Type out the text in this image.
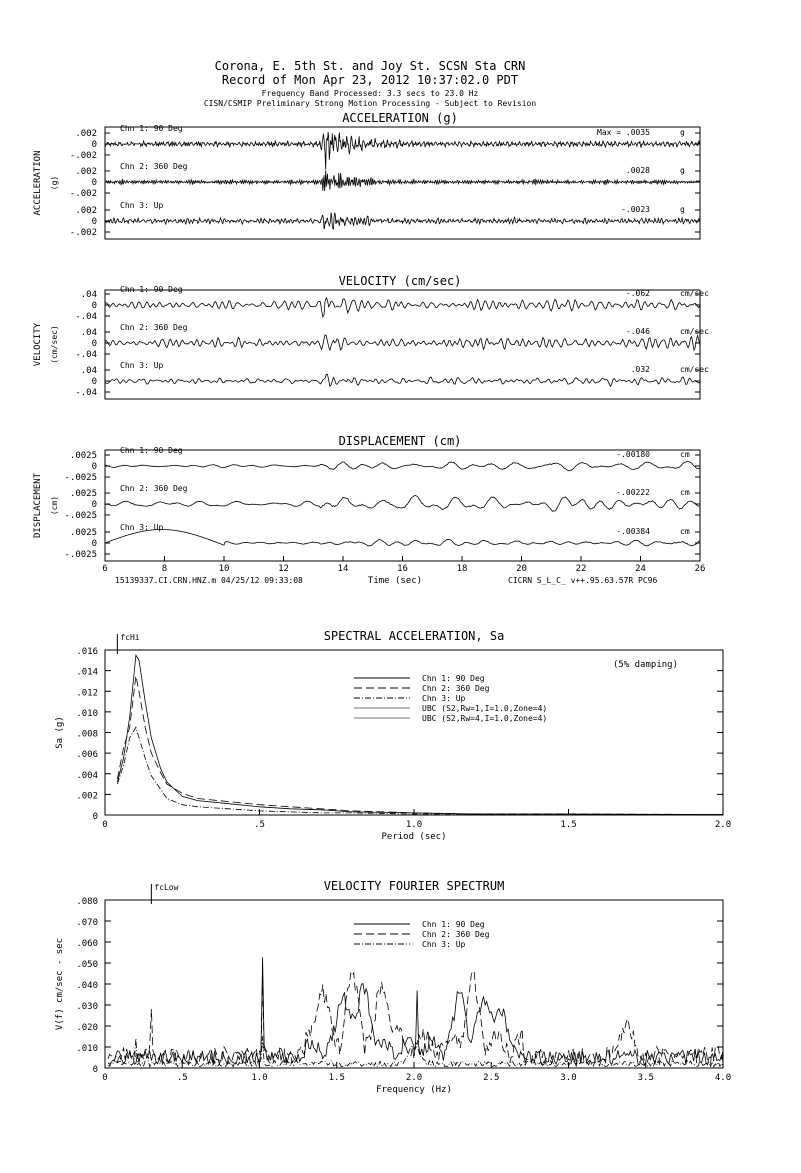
Corona, E. 5th St. and Joy St. SCSN Sta CRN
Record of Mon Apr 23, 2012 10:37:02.0 PDT
Frequency Band Processed: 3.3 secs to 23.0 Hz
CISN/CSMIP Preliminary Strong Motion Processing - Subject to Revision
ACCELERATION (g)
ACCELERATION (g)
.002
0
-.002
Chn 1: 90 Deg	Max = .0035	g
.002
0
-.002
Chn 2: 360 Deg	.0028	g
.002
0
-.002
Chn 3: Up	-.0023	g
VELOCITY (cm/sec)
VELOCITY (cm/sec)
.04
0
-.04
Chn 1: 90 Deg	-.062	cm/sec
.04
0
-.04
Chn 2: 360 Deg	-.046	cm/sec
.04
0
-.04
Chn 3: Up	.032	cm/sec
DISPLACEMENT (cm)
DISPLACEMENT (cm)
.0025
0
-.0025
Chn 1: 90 Deg	-.00180	cm
.0025
0
-.0025
Chn 2: 360 Deg	-.00222	cm
.0025
0
-.0025
Chn 3: Up	-.00384	cm
6	8	10	12	14	16	18	20	22	24	26
Time (sec)
15139337.CI.CRN.HNZ.m 04/25/12 09:33:08	CICRN S_L_C_ v++.95.63.57R PC96
SPECTRAL ACCELERATION, Sa
.016
.014
.012
.010
.008
.006
.004
.002
0
0	.5	1.0	1.5	2.0
Period (sec)
Sa (g)
fcHi
(5% damping)
Chn 1: 90 Deg
Chn 2: 360 Deg
Chn 3: Up
UBC (S2,Rw=1,I=1.0,Zone=4)
UBC (S2,Rw=4,I=1.0,Zone=4)
VELOCITY FOURIER SPECTRUM
.080
.070
.060
.050
.040
.030
.020
.010
0
0	.5	1.0	1.5	2.0	2.5	3.0	3.5	4.0
Frequency (Hz)
V(f) cm/sec - sec
fcLow
Chn 1: 90 Deg
Chn 2: 360 Deg
Chn 3: Up
